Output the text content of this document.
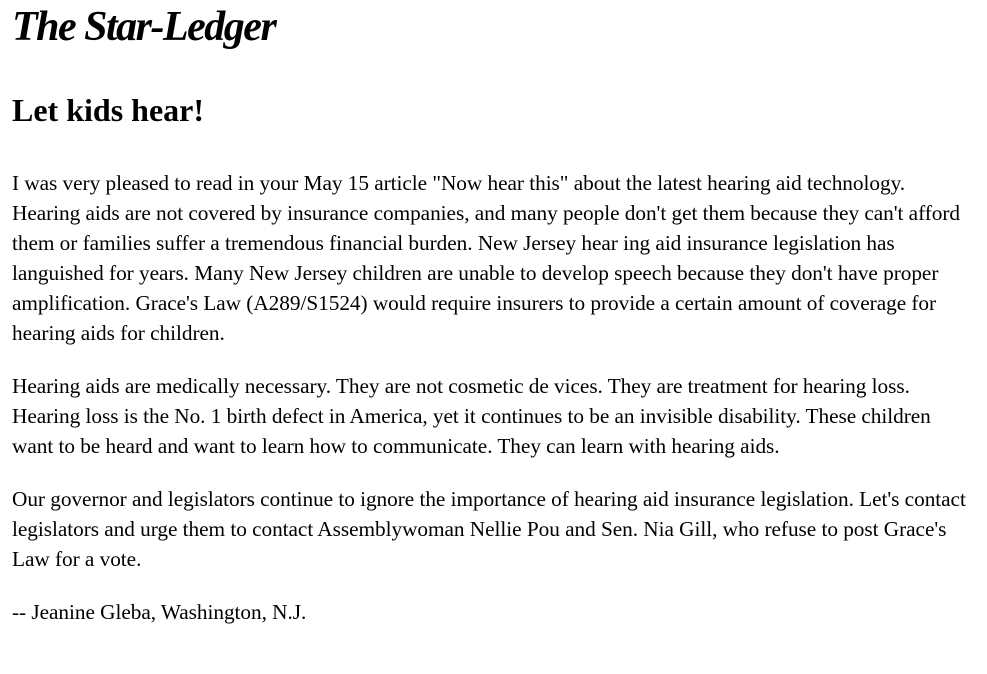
The Star-Ledger
Let kids hear!

I was very pleased to read in your May 15 article "Now hear this" about the latest hearing aid technology. Hearing aids are not covered by insurance companies, and many people don't get them because they can't afford them or families suffer a tremendous financial burden. New Jersey hear ing aid insurance legislation has languished for years. Many New Jersey children are unable to develop speech because they don't have proper amplification. Grace's Law (A289/S1524) would require insurers to provide a certain amount of coverage for hearing aids for children.

Hearing aids are medically necessary. They are not cosmetic de vices. They are treatment for hearing loss. Hearing loss is the No. 1 birth defect in America, yet it continues to be an invisible disability. These children want to be heard and want to learn how to communicate. They can learn with hearing aids.

Our governor and legislators continue to ignore the importance of hearing aid insurance legislation. Let's contact legislators and urge them to contact Assemblywoman Nellie Pou and Sen. Nia Gill, who refuse to post Grace's Law for a vote.

-- Jeanine Gleba, Washington, N.J.
